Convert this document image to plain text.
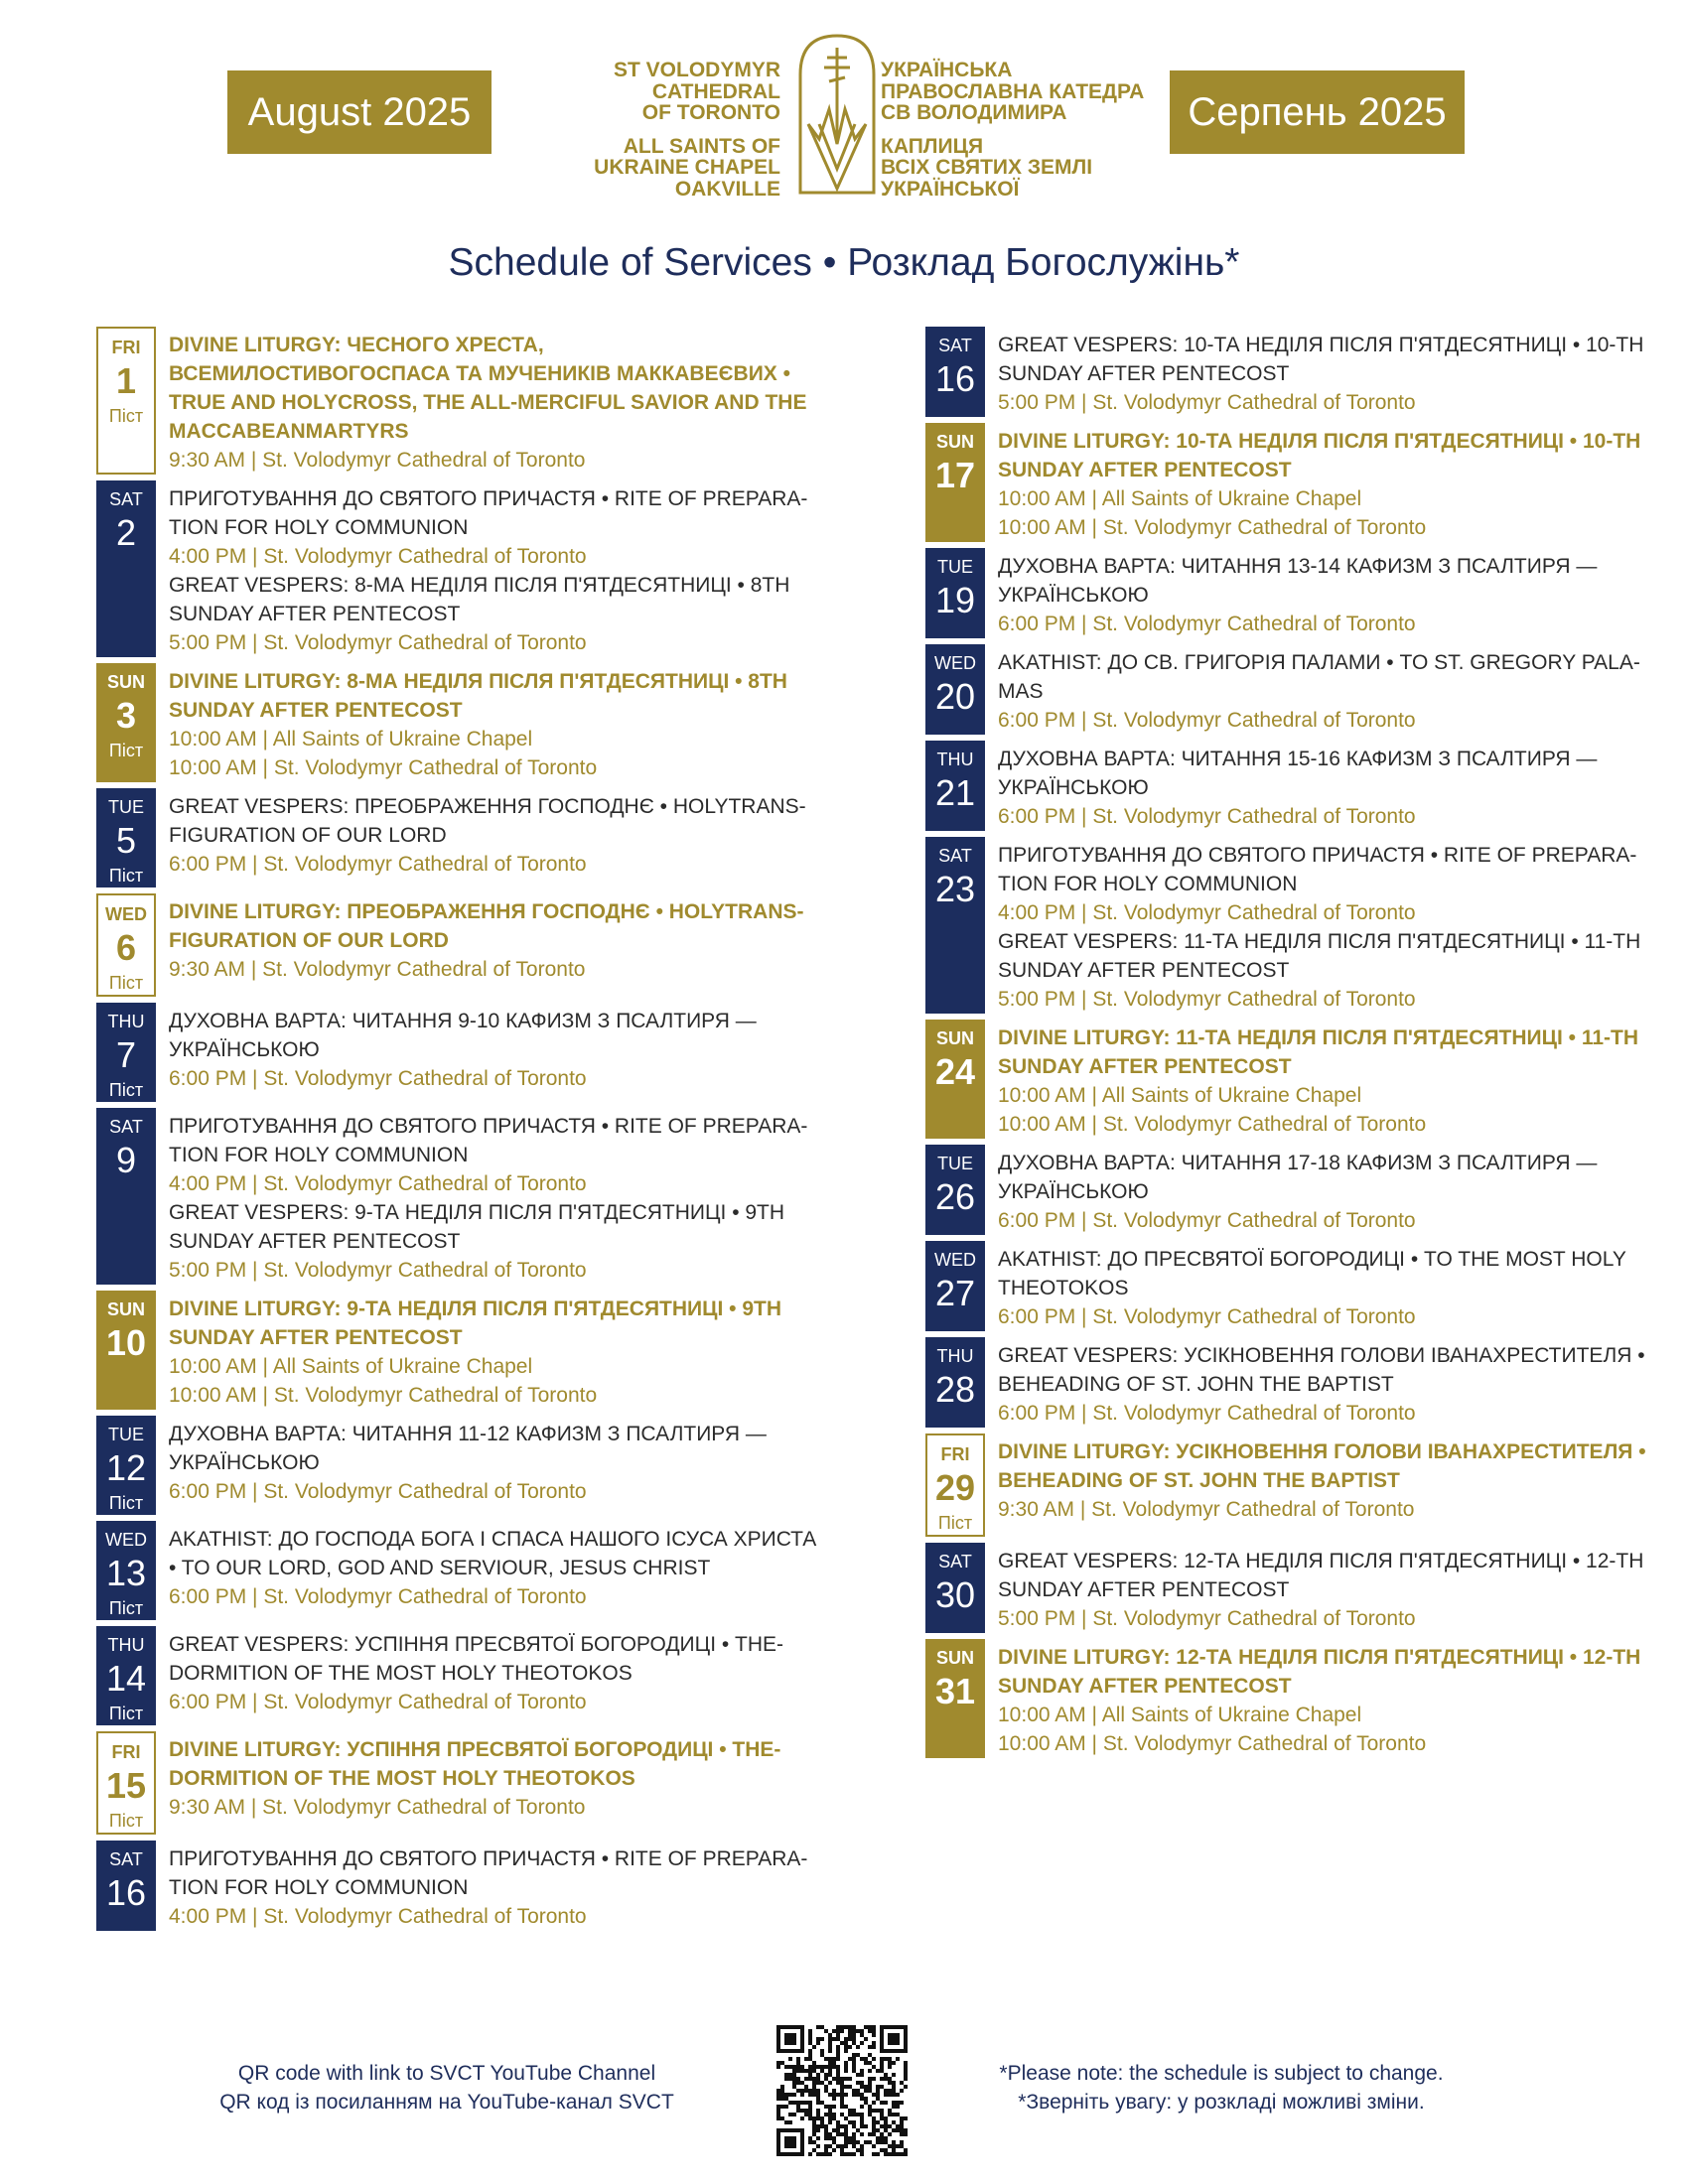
August 2025	Серпень 2025
ST VOLODYMYR
CATHEDRAL
OF TORONTO
ALL SAINTS OF
UKRAINE CHAPEL
OAKVILLE
УКРАЇНСЬКА
ПРАВОСЛАВНА КАТЕДРА
СВ ВОЛОДИМИРА
КАПЛИЦЯ
ВСІХ СВЯТИХ ЗЕМЛІ
УКРАЇНСЬКОЇ
Schedule of Services • Розклад Богослужінь*
FRI
1
Піст
DIVINE LITURGY: ЧЕСНОГО ХРЕСТА,
ВСЕМИЛОСТИВОГОСПАСА ТА МУЧЕНИКІВ МАККАВЕЄВИХ •
TRUE AND HOLYCROSS, THE ALL-MERCIFUL SAVIOR AND THE
MACCABEANMARTYRS
9:30 AM | St. Volodymyr Cathedral of Toronto
SAT
2
ПРИГОТУВАННЯ ДО СВЯТОГО ПРИЧАСТЯ • RITE OF PREPARA-
TION FOR HOLY COMMUNION
4:00 PM | St. Volodymyr Cathedral of Toronto
GREAT VESPERS: 8-МА НЕДІЛЯ ПІСЛЯ П'ЯТДЕСЯТНИЦІ • 8TH
SUNDAY AFTER PENTECOST
5:00 PM | St. Volodymyr Cathedral of Toronto
SUN
3
Піст
DIVINE LITURGY: 8-МА НЕДІЛЯ ПІСЛЯ П'ЯТДЕСЯТНИЦІ • 8TH
SUNDAY AFTER PENTECOST
10:00 AM | All Saints of Ukraine Chapel
10:00 AM | St. Volodymyr Cathedral of Toronto
TUE
5
Піст
GREAT VESPERS: ПРЕОБРАЖЕННЯ ГОСПОДНЄ • HOLYTRANS-
FIGURATION OF OUR LORD
6:00 PM | St. Volodymyr Cathedral of Toronto
WED
6
Піст
DIVINE LITURGY: ПРЕОБРАЖЕННЯ ГОСПОДНЄ • HOLYTRANS-
FIGURATION OF OUR LORD
9:30 AM | St. Volodymyr Cathedral of Toronto
THU
7
Піст
ДУХОВНА ВАРТА: ЧИТАННЯ 9-10 КАФИЗМ З ПСАЛТИРЯ —
УКРАЇНСЬКОЮ
6:00 PM | St. Volodymyr Cathedral of Toronto
SAT
9
ПРИГОТУВАННЯ ДО СВЯТОГО ПРИЧАСТЯ • RITE OF PREPARA-
TION FOR HOLY COMMUNION
4:00 PM | St. Volodymyr Cathedral of Toronto
GREAT VESPERS: 9-ТА НЕДІЛЯ ПІСЛЯ П'ЯТДЕСЯТНИЦІ • 9TH
SUNDAY AFTER PENTECOST
5:00 PM | St. Volodymyr Cathedral of Toronto
SUN
10
DIVINE LITURGY: 9-ТА НЕДІЛЯ ПІСЛЯ П'ЯТДЕСЯТНИЦІ • 9TH
SUNDAY AFTER PENTECOST
10:00 AM | All Saints of Ukraine Chapel
10:00 AM | St. Volodymyr Cathedral of Toronto
TUE
12
Піст
ДУХОВНА ВАРТА: ЧИТАННЯ 11-12 КАФИЗМ З ПСАЛТИРЯ —
УКРАЇНСЬКОЮ
6:00 PM | St. Volodymyr Cathedral of Toronto
WED
13
Піст
AKATHIST: ДО ГОСПОДА БОГА І СПАСА НАШОГО ІСУСА ХРИСТА
• TO OUR LORD, GOD AND SERVIOUR, JESUS CHRIST
6:00 PM | St. Volodymyr Cathedral of Toronto
THU
14
Піст
GREAT VESPERS: УСПІННЯ ПРЕСВЯТОЇ БОГОРОДИЦІ • THE-
DORMITION OF THE MOST HOLY THEOTOKOS
6:00 PM | St. Volodymyr Cathedral of Toronto
FRI
15
Піст
DIVINE LITURGY: УСПІННЯ ПРЕСВЯТОЇ БОГОРОДИЦІ • THE-
DORMITION OF THE MOST HOLY THEOTOKOS
9:30 AM | St. Volodymyr Cathedral of Toronto
SAT
16
ПРИГОТУВАННЯ ДО СВЯТОГО ПРИЧАСТЯ • RITE OF PREPARA-
TION FOR HOLY COMMUNION
4:00 PM | St. Volodymyr Cathedral of Toronto
SAT
16
GREAT VESPERS: 10-ТА НЕДІЛЯ ПІСЛЯ П'ЯТДЕСЯТНИЦІ • 10-TH
SUNDAY AFTER PENTECOST
5:00 PM | St. Volodymyr Cathedral of Toronto
SUN
17
DIVINE LITURGY: 10-ТА НЕДІЛЯ ПІСЛЯ П'ЯТДЕСЯТНИЦІ • 10-TH
SUNDAY AFTER PENTECOST
10:00 AM | All Saints of Ukraine Chapel
10:00 AM | St. Volodymyr Cathedral of Toronto
TUE
19
ДУХОВНА ВАРТА: ЧИТАННЯ 13-14 КАФИЗМ З ПСАЛТИРЯ —
УКРАЇНСЬКОЮ
6:00 PM | St. Volodymyr Cathedral of Toronto
WED
20
AKATHIST: ДО СВ. ГРИГОРІЯ ПАЛАМИ • TO ST. GREGORY PALA-
MAS
6:00 PM | St. Volodymyr Cathedral of Toronto
THU
21
ДУХОВНА ВАРТА: ЧИТАННЯ 15-16 КАФИЗМ З ПСАЛТИРЯ —
УКРАЇНСЬКОЮ
6:00 PM | St. Volodymyr Cathedral of Toronto
SAT
23
ПРИГОТУВАННЯ ДО СВЯТОГО ПРИЧАСТЯ • RITE OF PREPARA-
TION FOR HOLY COMMUNION
4:00 PM | St. Volodymyr Cathedral of Toronto
GREAT VESPERS: 11-ТА НЕДІЛЯ ПІСЛЯ П'ЯТДЕСЯТНИЦІ • 11-TH
SUNDAY AFTER PENTECOST
5:00 PM | St. Volodymyr Cathedral of Toronto
SUN
24
DIVINE LITURGY: 11-ТА НЕДІЛЯ ПІСЛЯ П'ЯТДЕСЯТНИЦІ • 11-TH
SUNDAY AFTER PENTECOST
10:00 AM | All Saints of Ukraine Chapel
10:00 AM | St. Volodymyr Cathedral of Toronto
TUE
26
ДУХОВНА ВАРТА: ЧИТАННЯ 17-18 КАФИЗМ З ПСАЛТИРЯ —
УКРАЇНСЬКОЮ
6:00 PM | St. Volodymyr Cathedral of Toronto
WED
27
AKATHIST: ДО ПРЕСВЯТОЇ БОГОРОДИЦІ • TO THE MOST HOLY
THEOTOKOS
6:00 PM | St. Volodymyr Cathedral of Toronto
THU
28
GREAT VESPERS: УСІКНОВЕННЯ ГОЛОВИ ІВАНАХРЕСТИТЕЛЯ •
BEHEADING OF ST. JOHN THE BAPTIST
6:00 PM | St. Volodymyr Cathedral of Toronto
FRI
29
Піст
DIVINE LITURGY: УСІКНОВЕННЯ ГОЛОВИ ІВАНАХРЕСТИТЕЛЯ •
BEHEADING OF ST. JOHN THE BAPTIST
9:30 AM | St. Volodymyr Cathedral of Toronto
SAT
30
GREAT VESPERS: 12-ТА НЕДІЛЯ ПІСЛЯ П'ЯТДЕСЯТНИЦІ • 12-TH
SUNDAY AFTER PENTECOST
5:00 PM | St. Volodymyr Cathedral of Toronto
SUN
31
DIVINE LITURGY: 12-ТА НЕДІЛЯ ПІСЛЯ П'ЯТДЕСЯТНИЦІ • 12-TH
SUNDAY AFTER PENTECOST
10:00 AM | All Saints of Ukraine Chapel
10:00 AM | St. Volodymyr Cathedral of Toronto
QR code with link to SVCT YouTube Channel
QR код із посиланням на YouTube-канал SVCT
*Please note: the schedule is subject to change.
*Зверніть увагу: у розкладі можливі зміни.
